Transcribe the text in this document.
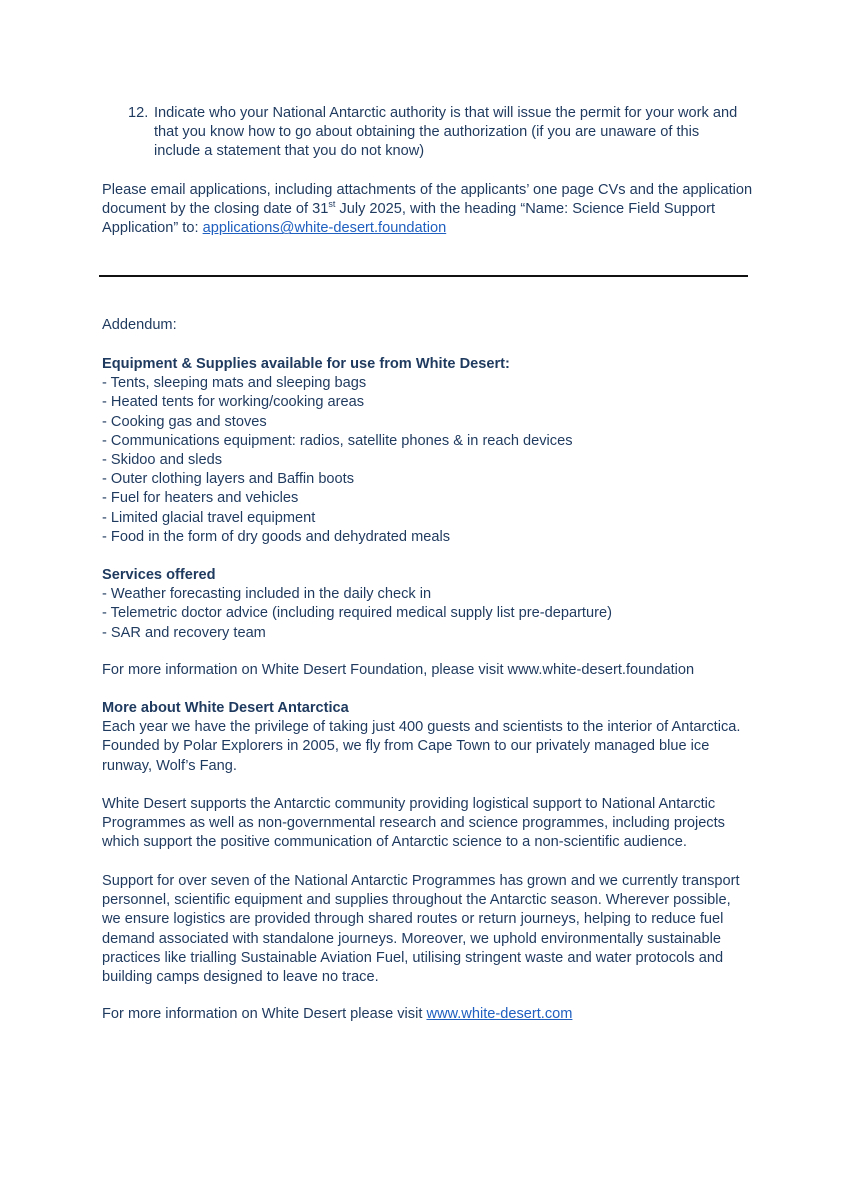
12. Indicate who your National Antarctic authority is that will issue the permit for your work and
that you know how to go about obtaining the authorization (if you are unaware of this
include a statement that you do not know)
Please email applications, including attachments of the applicants’ one page CVs and the application
document by the closing date of 31st July 2025, with the heading “Name: Science Field Support
Application” to: applications@white-desert.foundation
Addendum:
Equipment & Supplies available for use from White Desert:
- Tents, sleeping mats and sleeping bags
- Heated tents for working/cooking areas
- Cooking gas and stoves
- Communications equipment: radios, satellite phones & in reach devices
- Skidoo and sleds
- Outer clothing layers and Baffin boots
- Fuel for heaters and vehicles
- Limited glacial travel equipment
- Food in the form of dry goods and dehydrated meals
Services offered
- Weather forecasting included in the daily check in
- Telemetric doctor advice (including required medical supply list pre-departure)
- SAR and recovery team
For more information on White Desert Foundation, please visit www.white-desert.foundation
More about White Desert Antarctica
Each year we have the privilege of taking just 400 guests and scientists to the interior of Antarctica.
Founded by Polar Explorers in 2005, we fly from Cape Town to our privately managed blue ice
runway, Wolf’s Fang.
White Desert supports the Antarctic community providing logistical support to National Antarctic
Programmes as well as non-governmental research and science programmes, including projects
which support the positive communication of Antarctic science to a non-scientific audience.
Support for over seven of the National Antarctic Programmes has grown and we currently transport
personnel, scientific equipment and supplies throughout the Antarctic season. Wherever possible,
we ensure logistics are provided through shared routes or return journeys, helping to reduce fuel
demand associated with standalone journeys. Moreover, we uphold environmentally sustainable
practices like trialling Sustainable Aviation Fuel, utilising stringent waste and water protocols and
building camps designed to leave no trace.
For more information on White Desert please visit www.white-desert.com
